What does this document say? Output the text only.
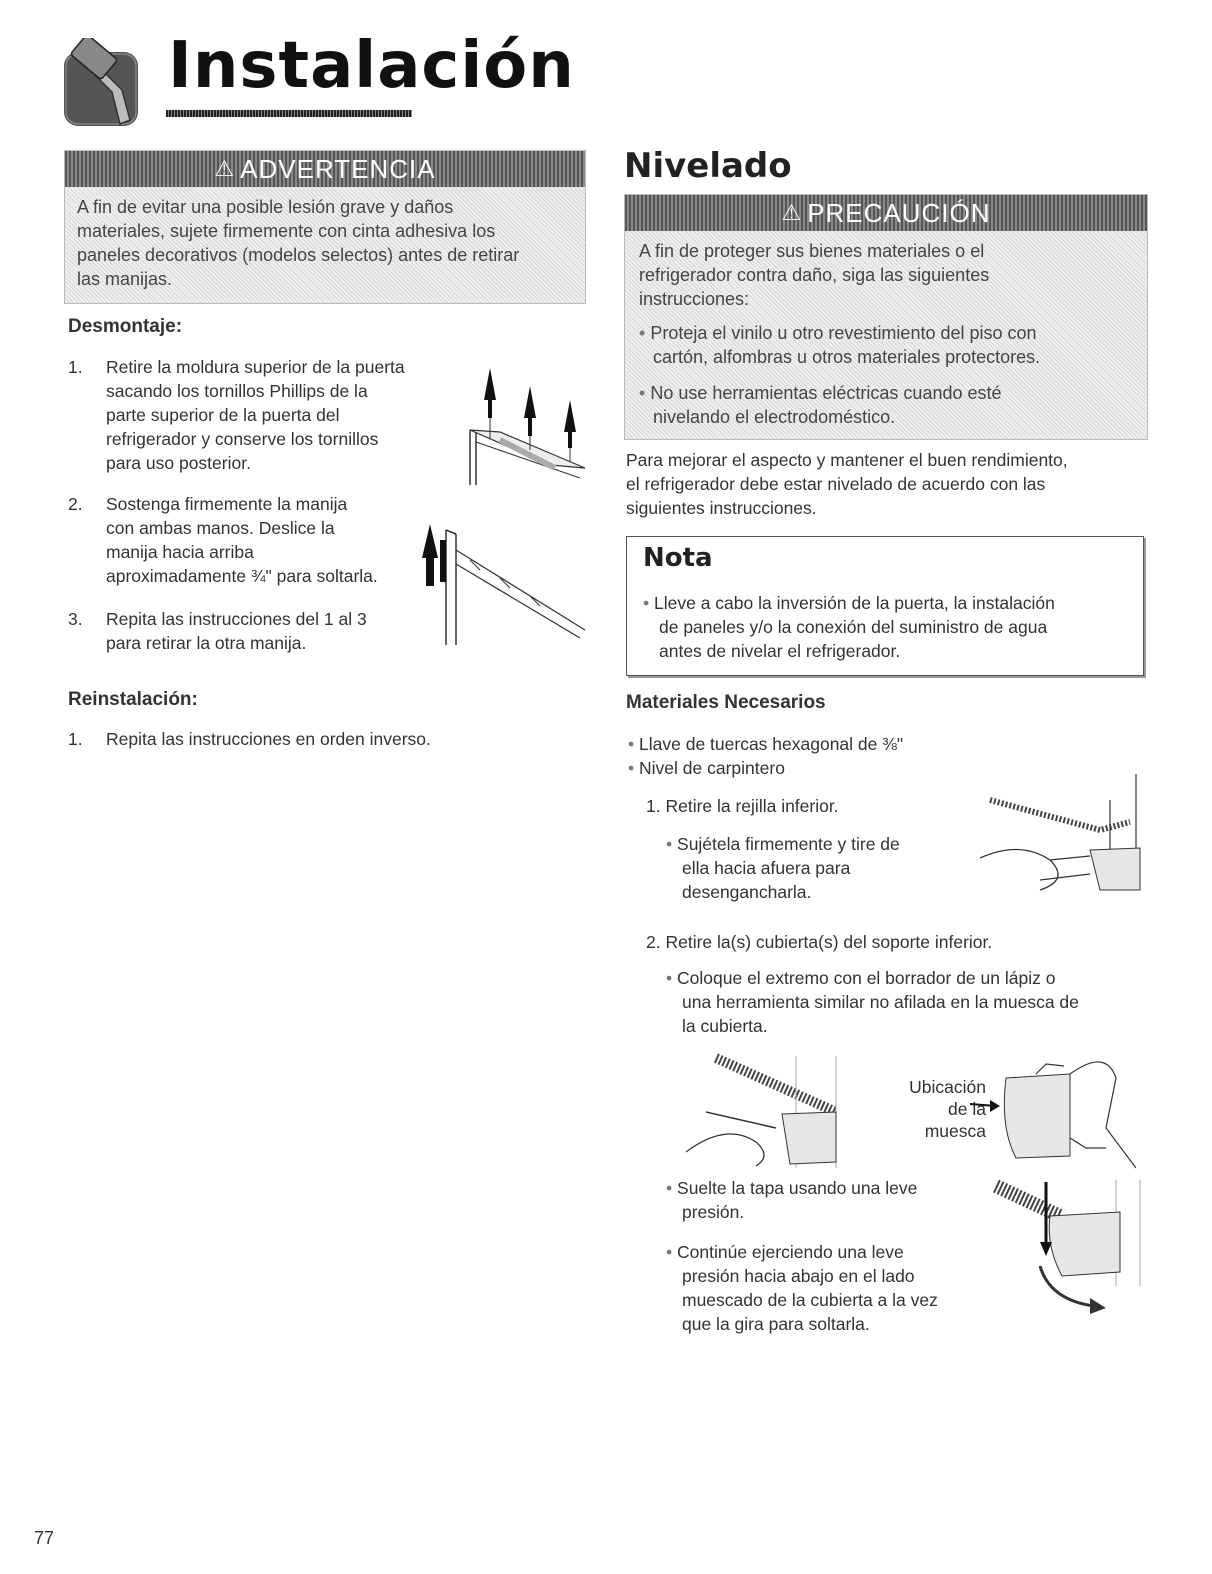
Instalación
⚠ ADVERTENCIA
A fin de evitar una posible lesión grave y daños
materiales, sujete firmemente con cinta adhesiva los
paneles decorativos (modelos selectos) antes de retirar
las manijas.
Desmontaje:
1. Retire la moldura superior de la puerta
sacando los tornillos Phillips de la
parte superior de la puerta del
refrigerador y conserve los tornillos
para uso posterior.
2. Sostenga firmemente la manija
con ambas manos. Deslice la
manija hacia arriba
aproximadamente ¾" para soltarla.
3. Repita las instrucciones del 1 al 3
para retirar la otra manija.
Reinstalación:
1. Repita las instrucciones en orden inverso.
Nivelado
⚠ PRECAUCIÓN
A fin de proteger sus bienes materiales o el
refrigerador contra daño, siga las siguientes
instrucciones:
• Proteja el vinilo u otro revestimiento del piso con
cartón, alfombras u otros materiales protectores.
• No use herramientas eléctricas cuando esté
nivelando el electrodoméstico.
Para mejorar el aspecto y mantener el buen rendimiento,
el refrigerador debe estar nivelado de acuerdo con las
siguientes instrucciones.
Nota
• Lleve a cabo la inversión de la puerta, la instalación
de paneles y/o la conexión del suministro de agua
antes de nivelar el refrigerador.
Materiales Necesarios
• Llave de tuercas hexagonal de ⅜"
• Nivel de carpintero
1. Retire la rejilla inferior.
• Sujétela firmemente y tire de
ella hacia afuera para
desengancharla.
2. Retire la(s) cubierta(s) del soporte inferior.
• Coloque el extremo con el borrador de un lápiz o
una herramienta similar no afilada en la muesca de
la cubierta.
Ubicación
de la
muesca
• Suelte la tapa usando una leve
presión.
• Continúe ejerciendo una leve
presión hacia abajo en el lado
muescado de la cubierta a la vez
que la gira para soltarla.
77
